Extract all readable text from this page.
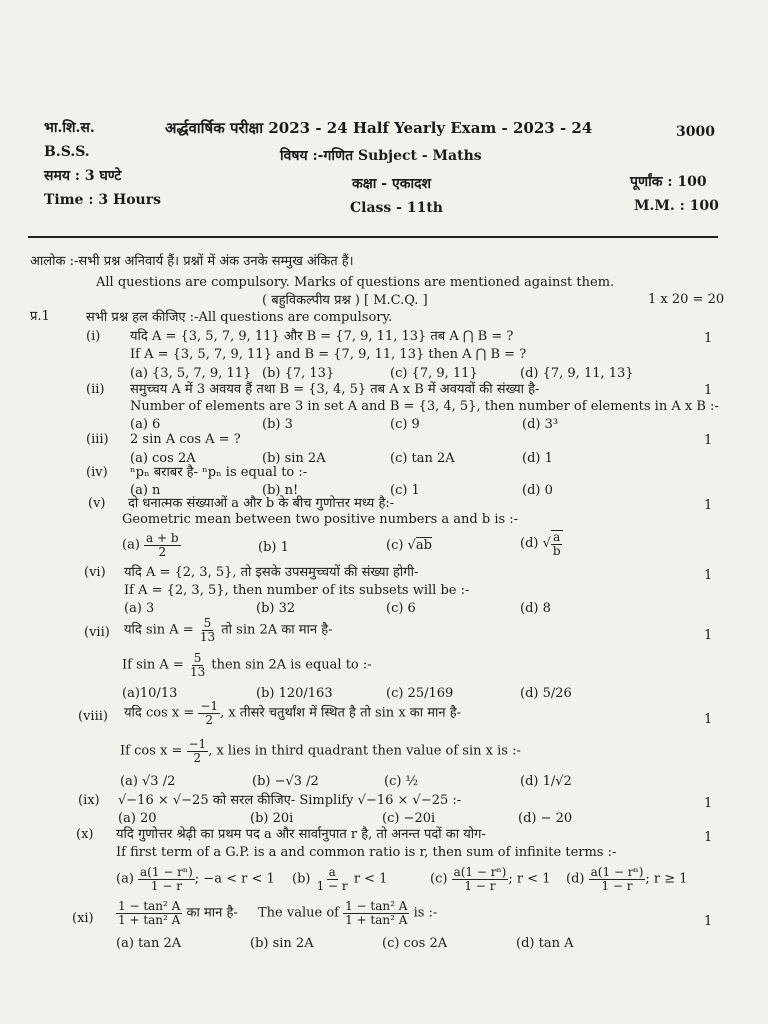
भा.शि.स.
B.S.S.
समय : 3 घण्टे
Time : 3 Hours
अर्द्धवार्षिक परीक्षा 2023 - 24 Half Yearly Exam - 2023 - 24	3000
विषय :-गणित Subject - Maths
कक्षा - एकादश
Class - 11th
पूर्णांक : 100
M.M. : 100
आलोक :-सभी प्रश्न अनिवार्य हैं। प्रश्नों में अंक उनके सम्मुख अंकित हैं।
All questions are compulsory. Marks of questions are mentioned against them.
( बहुविकल्पीय प्रश्न ) [ M.C.Q. ]	1 x 20 = 20
प्र.1	सभी प्रश्न हल कीजिए :-All questions are compulsory.
(i) यदि A = {3, 5, 7, 9, 11} और B = {7, 9, 11, 13} तब A ⋂ B = ?
If A = {3, 5, 7, 9, 11} and B = {7, 9, 11, 13} then A ⋂ B = ?
(a) {3, 5, 7, 9, 11} (b) {7, 13}	(c) {7, 9, 11}	(d) {7, 9, 11, 13}
1
(ii) समुच्चय A में 3 अवयव हैं तथा B = {3, 4, 5} तब A x B में अवयवों की संख्या है-
Number of elements are 3 in set A and B = {3, 4, 5}, then number of elements in A x B :-
(a) 6	(b) 3	(c) 9	(d) 3³
1
(iii) 2 sin A cos A = ?
(a) cos 2A	(b) sin 2A	(c) tan 2A	(d) 1
1
(iv) ⁿpₙ बराबर है- ⁿpₙ is equal to :-
(a) n	(b) n!	(c) 1	(d) 0
(v) दो धनात्मक संख्याओं a और b के बीच गुणोत्तर मध्य है:-
Geometric mean between two positive numbers a and b is :-
1
$(a) \frac{a + b}{2}$	(b) 1	(c) √ab	(d) √ $\frac{a}{b}$
(vi) यदि A = {2, 3, 5}, तो इसके उपसमुच्चयों की संख्या होगी-
If A = {2, 3, 5}, then number of its subsets will be :-
(a) 3	(b) 32	(c) 6	(d) 8
1
(vii) यदि $\sin A = \frac{5}{13}$ तो sin 2A का मान है-
If $\sin A = \frac{5}{13}$ then sin 2A is equal to :-
(a)10/13	(b) 120/163	(c) 25/169	(d) 5/26
1
(viii) यदि $\cos x = \frac{-1}{2}$ , x तीसरे चतुर्थांश में स्थित है तो sin x का मान है-
If $\cos x = \frac{-1}{2}$ , x lies in third quadrant then value of sin x is :-
(a) √3 /2	(b) −√3 /2	(c) ½	(d) 1/√2
1
(ix) √−16 × √−25 को सरल कीजिए- Simplify √−16 × √−25 :-
(a) 20	(b) 20i	(c) −20i	(d) − 20
1
(x) यदि गुणोत्तर श्रेढ़ी का प्रथम पद a और सार्वानुपात r है, तो अनन्त पदों का योग-
If first term of a G.P. is a and common ratio is r, then sum of infinite terms :-
1
$(a) \frac{\text{a(1 − rⁿ)}}{1 - r}$ ; −a < r < 1 $(b) \frac{a}{1 - r}$ r < 1	$(c) \frac{\text{a(1 − rⁿ)}}{1 - r}$ ; r < 1 $(d) \frac{\text{a(1 − rⁿ)}}{1 - r}$ ; r ≥ 1
$(xi) \frac{\text{1 − tan² A}}{\text{1 + tan² A}}$ का मान है- The value of $\frac{\text{1 − tan² A}}{\text{1 + tan² A}}$ is :-
(a) tan 2A	(b) sin 2A	(c) cos 2A	(d) tan A
1
